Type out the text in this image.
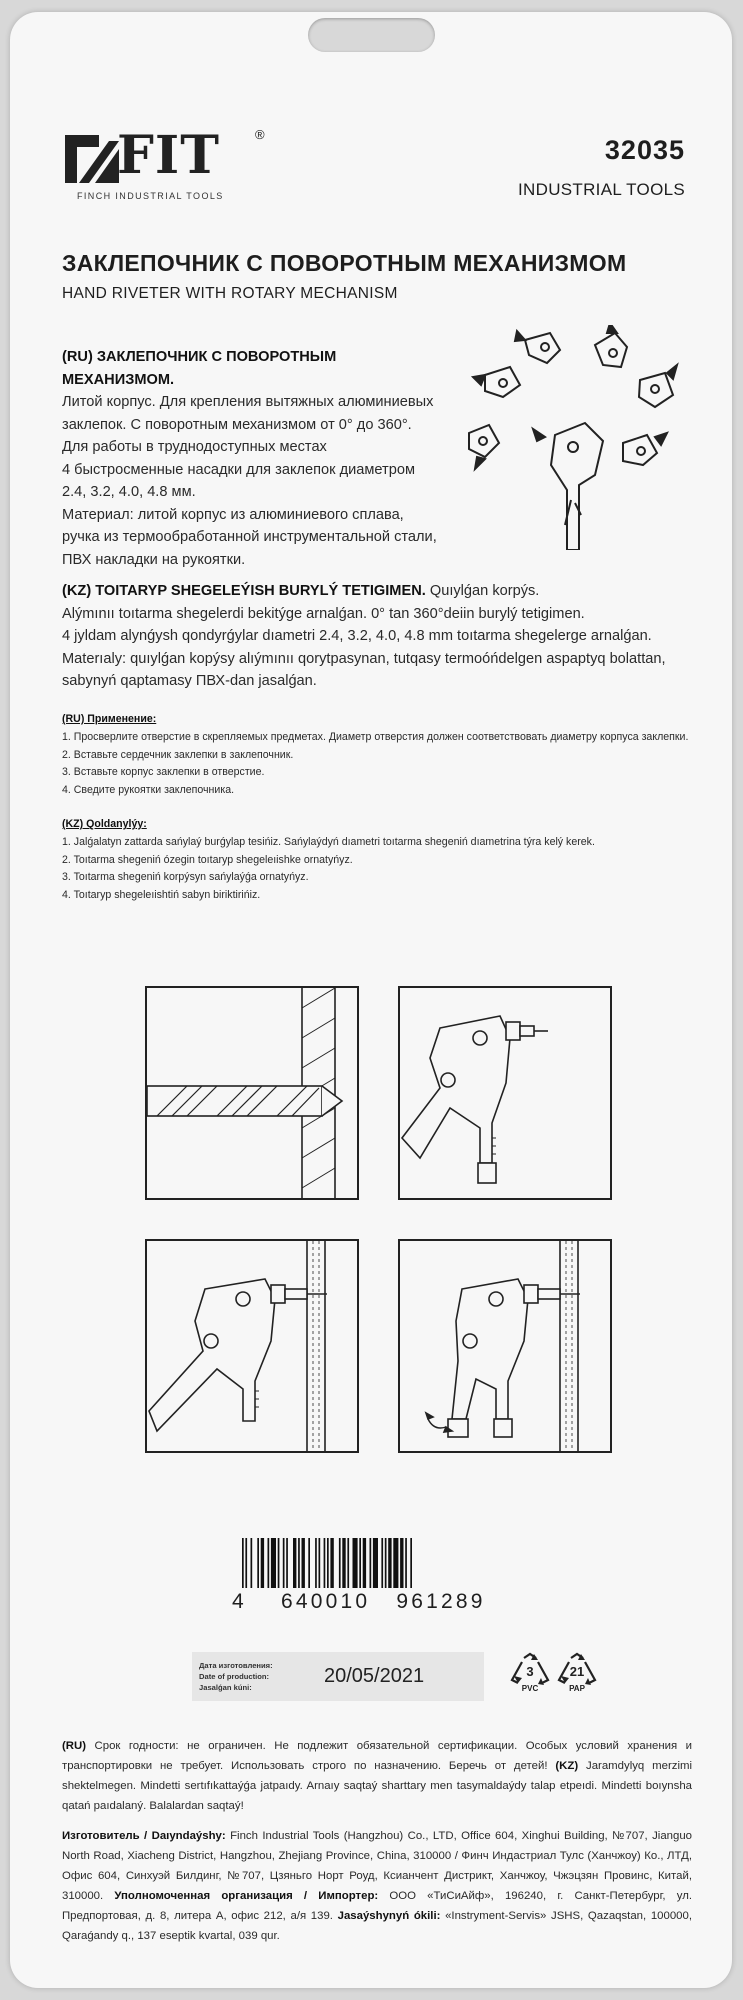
FIT	®
FINCH INDUSTRIAL TOOLS
32035
INDUSTRIAL TOOLS
ЗАКЛЕПОЧНИК С ПОВОРОТНЫМ МЕХАНИЗМОМ
HAND RIVETER WITH ROTARY MECHANISM
(RU) ЗАКЛЕПОЧНИК С ПОВОРОТНЫМ МЕХАНИЗМОМ.
Литой корпус. Для крепления вытяжных алюминиевых
заклепок. С поворотным механизмом от 0° до 360°.
Для работы в труднодоступных местах
4 быстросменные насадки для заклепок диаметром
2.4, 3.2, 4.0, 4.8 мм.
Материал: литой корпус из алюминиевого сплава,
ручка из термообработанной инструментальной стали,
ПВХ накладки на рукоятки.
(KZ) TOITARYP SHEGELEÝISH BURYLÝ TETIGIMEN. Quıylǵan korpýs.
Alýmınıı toıtarma shegelerdi bekitýge arnalǵan. 0° tan 360°deiin burylý tetigimen.
4 jyldam alynǵysh qondyrǵylar dıametri 2.4, 3.2, 4.0, 4.8 mm toıtarma shegelerge arnalǵan.
Materıaly: quıylǵan kopýsy alıýmınıı qorytpasynan, tutqasy termoóńdelgen aspaptyq bolattan,
sabynyń qaptamasy ПВХ-dan jasalǵan.
(RU) Применение:
1. Просверлите отверстие в скрепляемых предметах. Диаметр отверстия должен соответствовать диаметру корпуса заклепки.
2. Вставьте сердечник заклепки в заклепочник.
3. Вставьте корпус заклепки в отверстие.
4. Сведите рукоятки заклепочника.
(KZ) Qoldanylýy:
1. Jalǵalatyn zattarda sańylaý burǵylap tesińiz. Sańylaýdyń dıametri toıtarma shegeniń dıametrina týra kelý kerek.
2. Toıtarma shegeniń ózegin toıtaryp shegeleıishke ornatyńyz.
3. Toıtarma shegeniń korpýsyn sańylaýǵa ornatyńyz.
4. Toıtaryp shegeleıishtiń sabyn biriktirińiz.
4 640010 961289
Дата изготовления:
Date of production:
Jasalǵan kúni:
20/05/2021	3
PVC
21
PAP
(RU) Срок годности: не ограничен. Не подлежит обязательной сертификации. Особых условий хранения и транспортировки не требует. Использовать строго по назначению. Беречь от детей! (KZ) Jaramdylyq merzimi shektelmegen. Mindetti sertıfıkattaýǵa jatpaıdy. Arnaıy saqtaý sharttary men tasymaldaýdy talap etpeıdi. Mindetti boıynsha qatań paıdalaný. Balalardan saqtaý!
Изготовитель / Daıyndaýshy: Finch Industrial Tools (Hangzhou) Co., LTD, Office 604, Xinghui Building, №707, Jianguo North Road, Xiacheng District, Hangzhou, Zhejiang Province, China, 310000 / Финч Индастриал Тулс (Ханчжоу) Ко., ЛТД, Офис 604, Синхуэй Билдинг, №707, Цзяньго Норт Роуд, Ксианчент Дистрикт, Ханчжоу, Чжэцзян Провинс, Китай, 310000. Уполномоченная организация / Импортер: ООО «ТиСиАйф», 196240, г. Санкт-Петербург, ул. Предпортовая, д. 8, литера А, офис 212, а/я 139. Jasaýshynyń ókili: «Instryment-Servis» JSHS, Qazaqstan, 100000, Qaraǵandy q., 137 eseptik kvartal, 039 qur.
